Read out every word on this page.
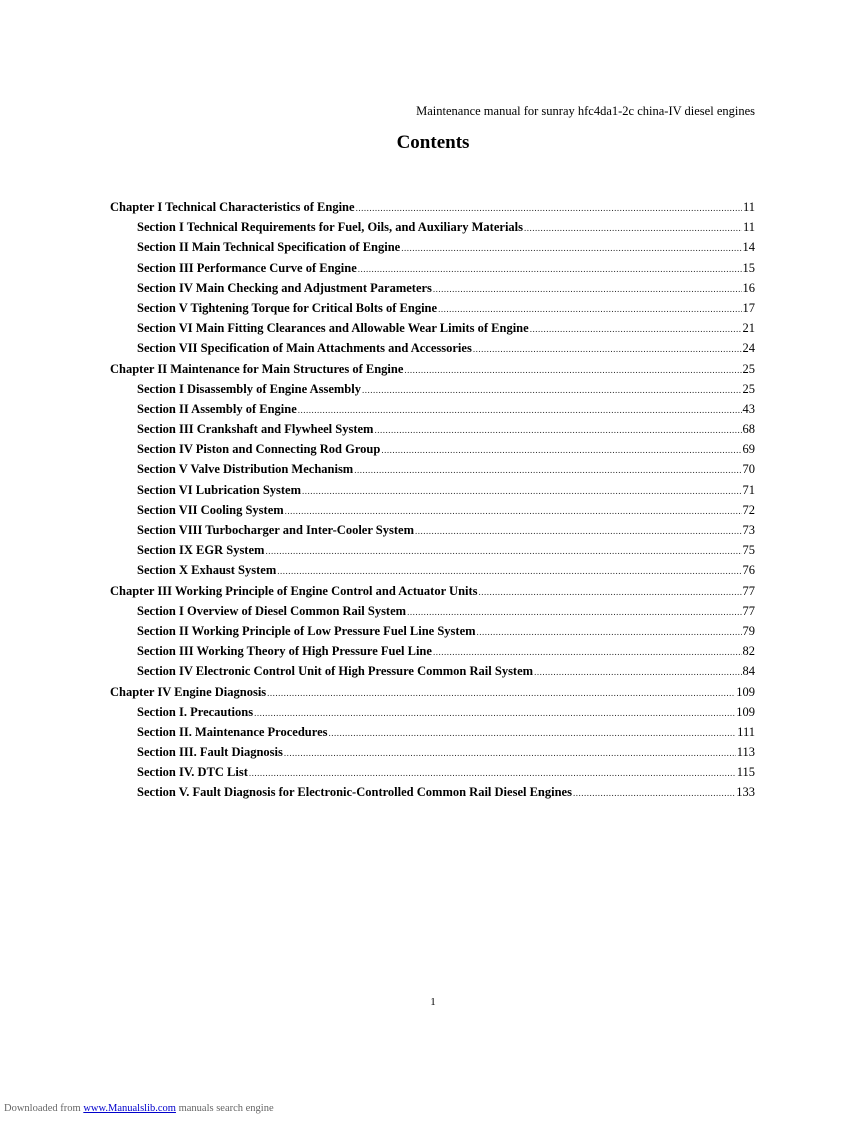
Maintenance manual for sunray hfc4da1-2c china-IV diesel engines
Contents
Chapter I Technical Characteristics of Engine .....	11
Section I Technical Requirements for Fuel, Oils, and Auxiliary Materials .....	11
Section II Main Technical Specification of Engine .....	14
Section III Performance Curve of Engine .....	15
Section IV Main Checking and Adjustment Parameters .....	16
Section V Tightening Torque for Critical Bolts of Engine .....	17
Section VI Main Fitting Clearances and Allowable Wear Limits of Engine .....	21
Section VII Specification of Main Attachments and Accessories .....	24
Chapter II Maintenance for Main Structures of Engine .....	25
Section I Disassembly of Engine Assembly .....	25
Section II Assembly of Engine .....	43
Section III Crankshaft and Flywheel System .....	68
Section IV Piston and Connecting Rod Group .....	69
Section V Valve Distribution Mechanism .....	70
Section VI Lubrication System .....	71
Section VII Cooling System .....	72
Section VIII Turbocharger and Inter-Cooler System .....	73
Section IX EGR System .....	75
Section X Exhaust System .....	76
Chapter III Working Principle of Engine Control and Actuator Units .....	77
Section I Overview of Diesel Common Rail System .....	77
Section II Working Principle of Low Pressure Fuel Line System .....	79
Section III Working Theory of High Pressure Fuel Line .....	82
Section IV Electronic Control Unit of High Pressure Common Rail System .....	84
Chapter IV Engine Diagnosis .....	109
Section I. Precautions .....	109
Section II. Maintenance Procedures .....	111
Section III. Fault Diagnosis .....	113
Section IV. DTC List .....	115
Section V. Fault Diagnosis for Electronic-Controlled Common Rail Diesel Engines .....	133
1
Downloaded from www.Manualslib.com manuals search engine
